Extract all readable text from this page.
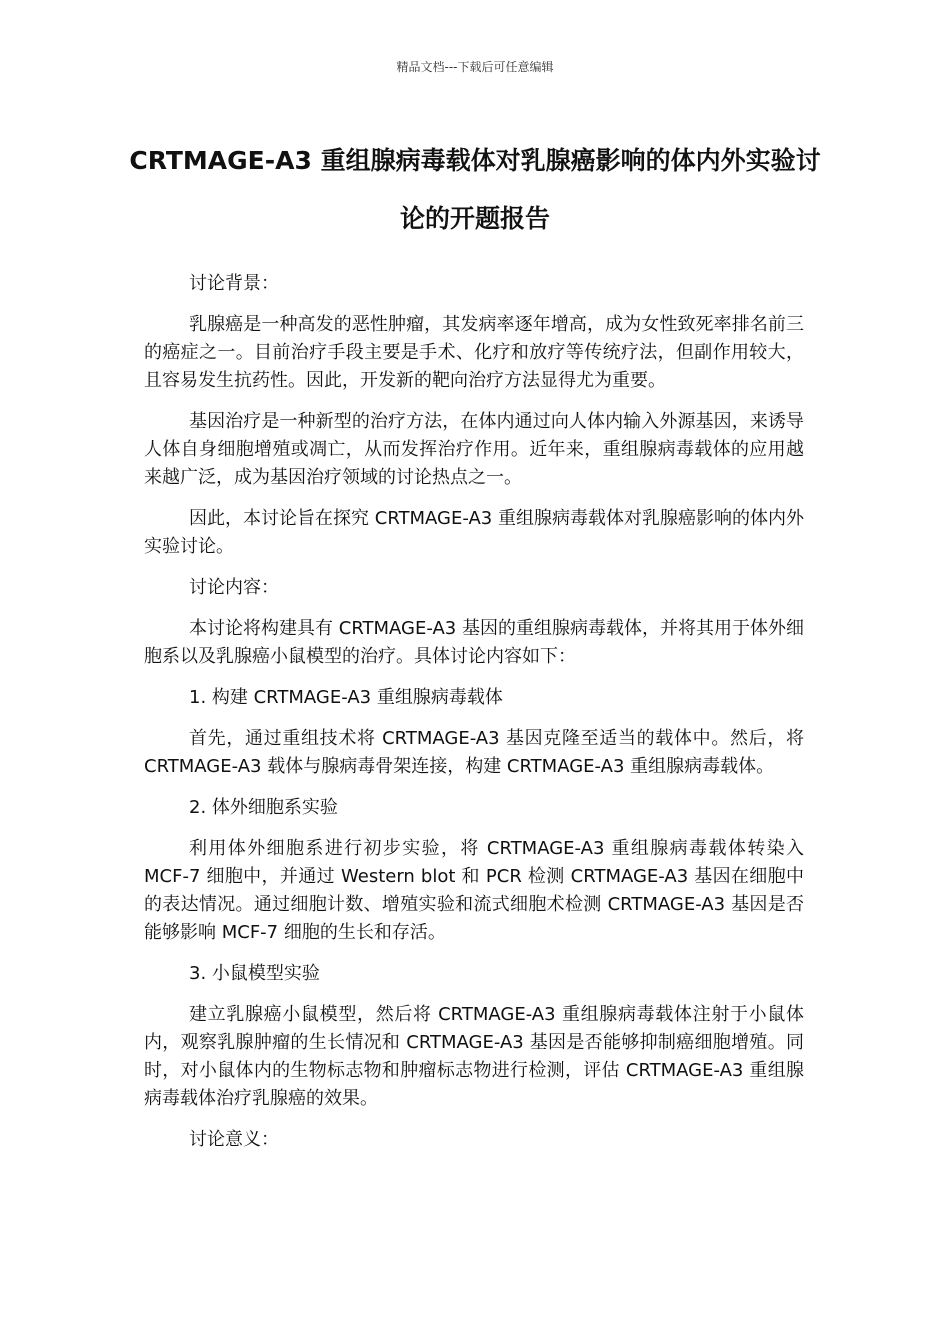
精品文档---下载后可任意编辑
CRTMAGE-A3 重组腺病毒载体对乳腺癌影响的体内外实验讨论的开题报告

讨论背景：

乳腺癌是一种高发的恶性肿瘤，其发病率逐年增高，成为女性致死率排名前三的癌症之一。目前治疗手段主要是手术、化疗和放疗等传统疗法，但副作用较大，且容易发生抗药性。因此，开发新的靶向治疗方法显得尤为重要。

基因治疗是一种新型的治疗方法，在体内通过向人体内输入外源基因，来诱导人体自身细胞增殖或凋亡，从而发挥治疗作用。近年来，重组腺病毒载体的应用越来越广泛，成为基因治疗领域的讨论热点之一。

因此，本讨论旨在探究 CRTMAGE-A3 重组腺病毒载体对乳腺癌影响的体内外实验讨论。

讨论内容：

本讨论将构建具有 CRTMAGE-A3 基因的重组腺病毒载体，并将其用于体外细胞系以及乳腺癌小鼠模型的治疗。具体讨论内容如下：

1. 构建 CRTMAGE-A3 重组腺病毒载体

首先，通过重组技术将 CRTMAGE-A3 基因克隆至适当的载体中。然后，将 CRTMAGE-A3 载体与腺病毒骨架连接，构建 CRTMAGE-A3 重组腺病毒载体。

2. 体外细胞系实验

利用体外细胞系进行初步实验，将 CRTMAGE-A3 重组腺病毒载体转染入 MCF-7 细胞中，并通过 Western blot 和 PCR 检测 CRTMAGE-A3 基因在细胞中的表达情况。通过细胞计数、增殖实验和流式细胞术检测 CRTMAGE-A3 基因是否能够影响 MCF-7 细胞的生长和存活。

3. 小鼠模型实验

建立乳腺癌小鼠模型，然后将 CRTMAGE-A3 重组腺病毒载体注射于小鼠体内，观察乳腺肿瘤的生长情况和 CRTMAGE-A3 基因是否能够抑制癌细胞增殖。同时，对小鼠体内的生物标志物和肿瘤标志物进行检测，评估 CRTMAGE-A3 重组腺病毒载体治疗乳腺癌的效果。

讨论意义：
